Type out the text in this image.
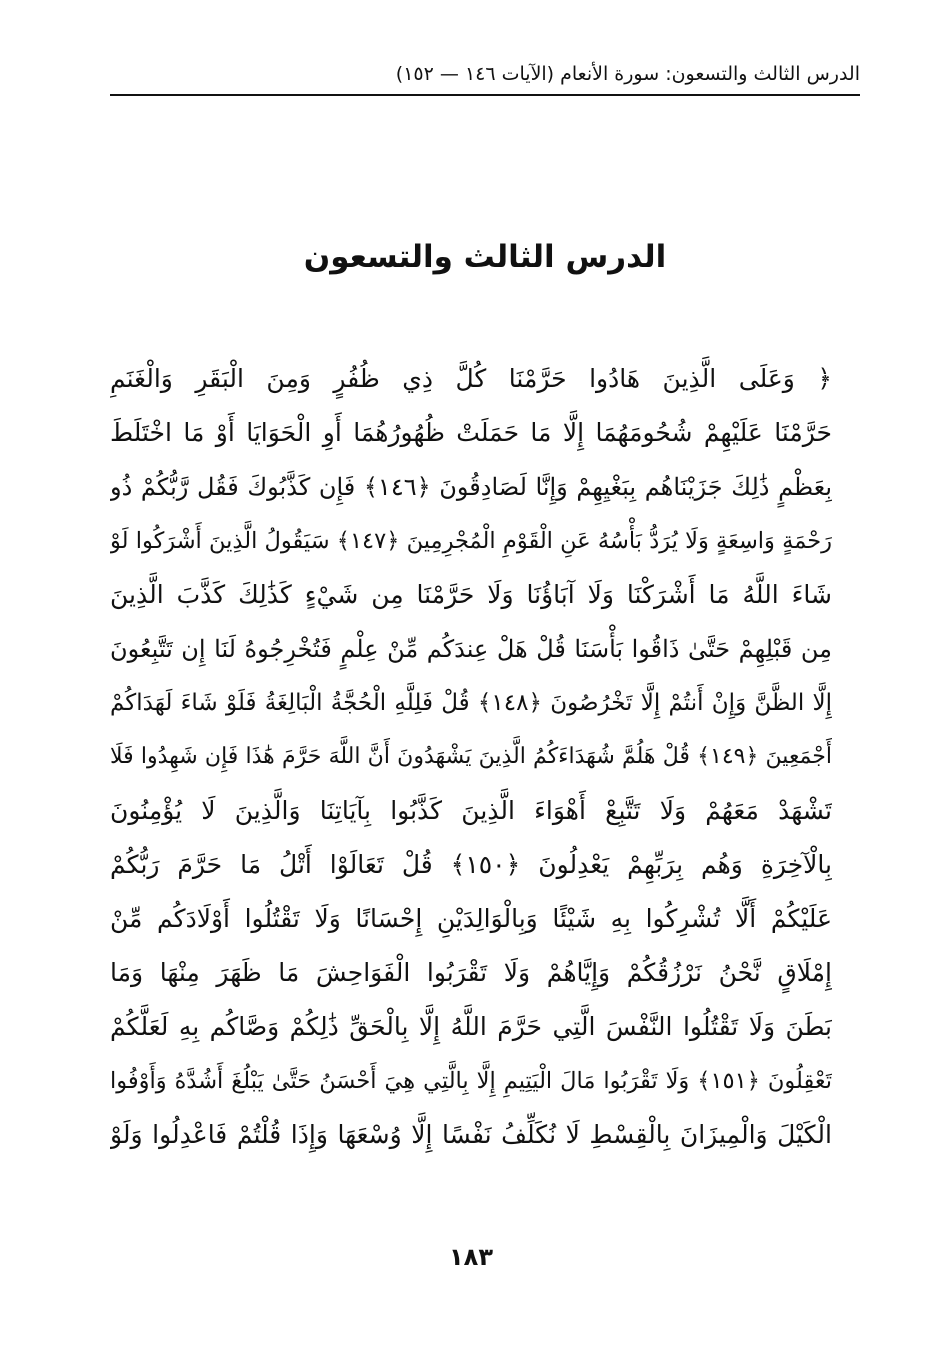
الدرس الثالث والتسعون: سورة الأنعام (الآيات ١٤٦ — ١٥٢)
الدرس الثالث والتسعون
﴿ وَعَلَى الَّذِينَ هَادُوا حَرَّمْنَا كُلَّ ذِي ظُفُرٍ وَمِنَ الْبَقَرِ وَالْغَنَمِ
حَرَّمْنَا عَلَيْهِمْ شُحُومَهُمَا إِلَّا مَا حَمَلَتْ ظُهُورُهُمَا أَوِ الْحَوَايَا أَوْ مَا اخْتَلَطَ
بِعَظْمٍ ذَٰلِكَ جَزَيْنَاهُم بِبَغْيِهِمْ وَإِنَّا لَصَادِقُونَ ﴿١٤٦﴾ فَإِن كَذَّبُوكَ فَقُل رَّبُّكُمْ ذُو
رَحْمَةٍ وَاسِعَةٍ وَلَا يُرَدُّ بَأْسُهُ عَنِ الْقَوْمِ الْمُجْرِمِينَ ﴿١٤٧﴾ سَيَقُولُ الَّذِينَ أَشْرَكُوا لَوْ
شَاءَ اللَّهُ مَا أَشْرَكْنَا وَلَا آبَاؤُنَا وَلَا حَرَّمْنَا مِن شَيْءٍ كَذَٰلِكَ كَذَّبَ الَّذِينَ
مِن قَبْلِهِمْ حَتَّىٰ ذَاقُوا بَأْسَنَا قُلْ هَلْ عِندَكُم مِّنْ عِلْمٍ فَتُخْرِجُوهُ لَنَا إِن تَتَّبِعُونَ
إِلَّا الظَّنَّ وَإِنْ أَنتُمْ إِلَّا تَخْرُصُونَ ﴿١٤٨﴾ قُلْ فَلِلَّهِ الْحُجَّةُ الْبَالِغَةُ فَلَوْ شَاءَ لَهَدَاكُمْ
أَجْمَعِينَ ﴿١٤٩﴾ قُلْ هَلُمَّ شُهَدَاءَكُمُ الَّذِينَ يَشْهَدُونَ أَنَّ اللَّهَ حَرَّمَ هَٰذَا فَإِن شَهِدُوا فَلَا
تَشْهَدْ مَعَهُمْ وَلَا تَتَّبِعْ أَهْوَاءَ الَّذِينَ كَذَّبُوا بِآيَاتِنَا وَالَّذِينَ لَا يُؤْمِنُونَ
بِالْآخِرَةِ وَهُم بِرَبِّهِمْ يَعْدِلُونَ ﴿١٥٠﴾ قُلْ تَعَالَوْا أَتْلُ مَا حَرَّمَ رَبُّكُمْ
عَلَيْكُمْ أَلَّا تُشْرِكُوا بِهِ شَيْئًا وَبِالْوَالِدَيْنِ إِحْسَانًا وَلَا تَقْتُلُوا أَوْلَادَكُم مِّنْ
إِمْلَاقٍ نَّحْنُ نَرْزُقُكُمْ وَإِيَّاهُمْ وَلَا تَقْرَبُوا الْفَوَاحِشَ مَا ظَهَرَ مِنْهَا وَمَا
بَطَنَ وَلَا تَقْتُلُوا النَّفْسَ الَّتِي حَرَّمَ اللَّهُ إِلَّا بِالْحَقِّ ذَٰلِكُمْ وَصَّاكُم بِهِ لَعَلَّكُمْ
تَعْقِلُونَ ﴿١٥١﴾ وَلَا تَقْرَبُوا مَالَ الْيَتِيمِ إِلَّا بِالَّتِي هِيَ أَحْسَنُ حَتَّىٰ يَبْلُغَ أَشُدَّهُ وَأَوْفُوا
الْكَيْلَ وَالْمِيزَانَ بِالْقِسْطِ لَا نُكَلِّفُ نَفْسًا إِلَّا وُسْعَهَا وَإِذَا قُلْتُمْ فَاعْدِلُوا وَلَوْ
١٨٣
